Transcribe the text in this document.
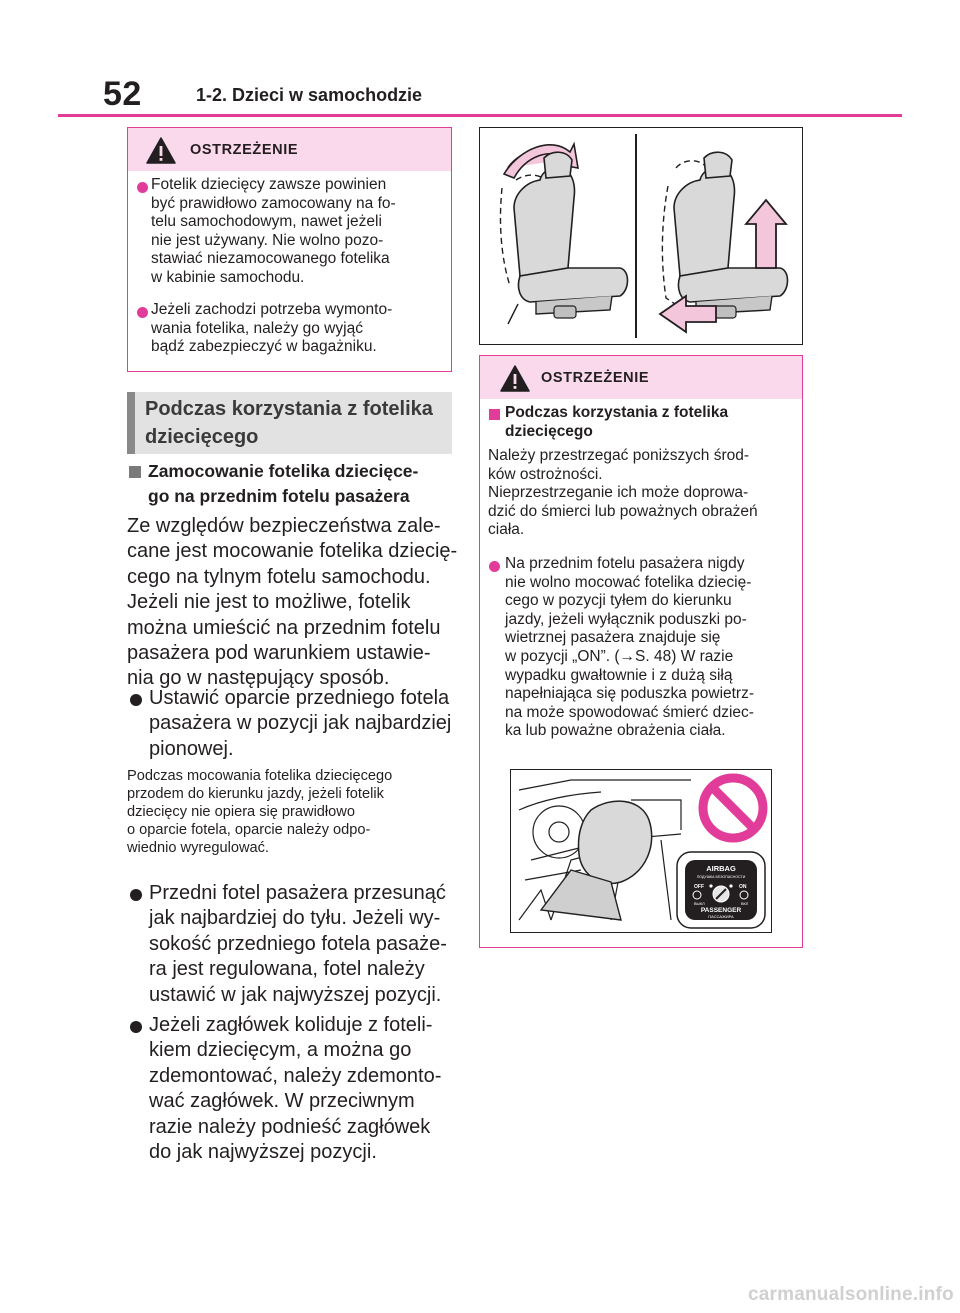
52	1-2. Dzieci w samochodzie
OSTRZEŻENIE
Fotelik dziecięcy zawsze powinien
być prawidłowo zamocowany na fo-
telu samochodowym, nawet jeżeli
nie jest używany. Nie wolno pozo-
stawiać niezamocowanego fotelika
w kabinie samochodu.
Jeżeli zachodzi potrzeba wymonto-
wania fotelika, należy go wyjąć
bądź zabezpieczyć w bagażniku.
Podczas korzystania z fotelika
dziecięcego
Zamocowanie fotelika dziecięce-
go na przednim fotelu pasażera
Ze względów bezpieczeństwa zale-
cane jest mocowanie fotelika dziecię-
cego na tylnym fotelu samochodu.
Jeżeli nie jest to możliwe, fotelik
można umieścić na przednim fotelu
pasażera pod warunkiem ustawie-
nia go w następujący sposób.
Ustawić oparcie przedniego fotela
pasażera w pozycji jak najbardziej
pionowej.
Podczas mocowania fotelika dziecięcego
przodem do kierunku jazdy, jeżeli fotelik
dziecięcy nie opiera się prawidłowo
o oparcie fotela, oparcie należy odpo-
wiednio wyregulować.
Przedni fotel pasażera przesunąć
jak najbardziej do tyłu. Jeżeli wy-
sokość przedniego fotela pasaże-
ra jest regulowana, fotel należy
ustawić w jak najwyższej pozycji.
Jeżeli zagłówek koliduje z foteli-
kiem dziecięcym, a można go
zdemontować, należy zdemonto-
wać zagłówek. W przeciwnym
razie należy podnieść zagłówek
do jak najwyższej pozycji.
OSTRZEŻENIE
Podczas korzystania z fotelika
dziecięcego
Należy przestrzegać poniższych środ-
ków ostrożności.
Nieprzestrzeganie ich może doprowa-
dzić do śmierci lub poważnych obrażeń
ciała.
Na przednim fotelu pasażera nigdy
nie wolno mocować fotelika dziecię-
cego w pozycji tyłem do kierunku
jazdy, jeżeli wyłącznik poduszki po-
wietrznej pasażera znajduje się
w pozycji „ON”. (→S. 48) W razie
wypadku gwałtownie i z dużą siłą
napełniająca się poduszka powietrz-
na może spowodować śmierć dziec-
ka lub poważne obrażenia ciała.
AIRBAG
ПОДУШКА БЕЗОПАСНОСТИ
OFF	ON
ВЫКЛ	ВКЛ
PASSENGER
ПАССАЖИРА
carmanualsonline.info
